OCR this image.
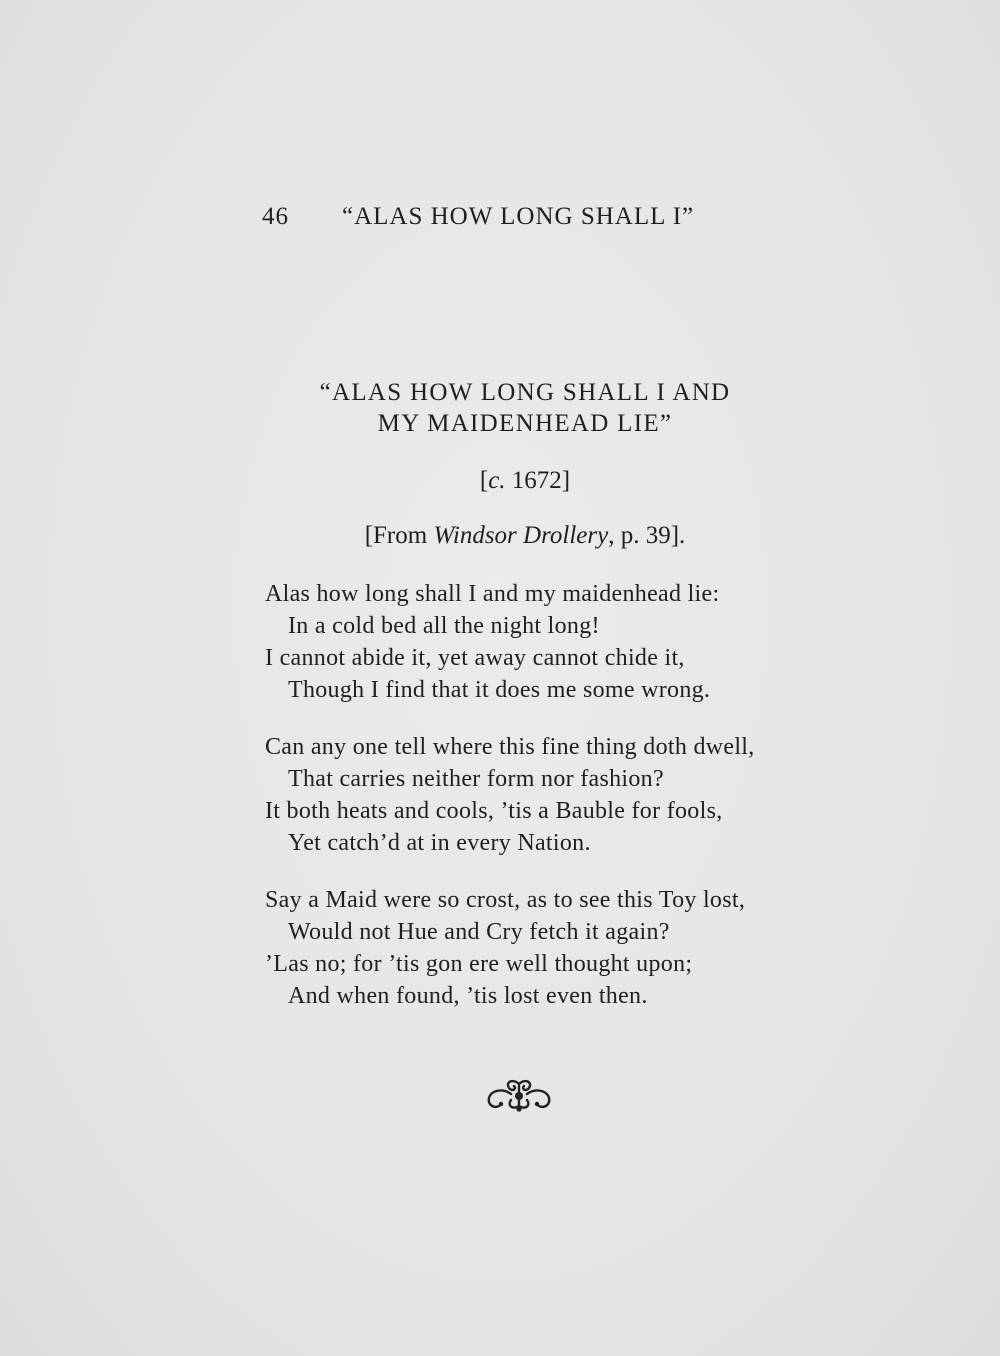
46 “ALAS HOW LONG SHALL I”
“ALAS HOW LONG SHALL I AND
MY MAIDENHEAD LIE”
[c. 1672]
[From Windsor Drollery, p. 39].
Alas how long shall I and my maidenhead lie:
In a cold bed all the night long!
I cannot abide it, yet away cannot chide it,
Though I find that it does me some wrong.
Can any one tell where this fine thing doth dwell,
That carries neither form nor fashion?
It both heats and cools, ’tis a Bauble for fools,
Yet catch’d at in every Nation.
Say a Maid were so crost, as to see this Toy lost,
Would not Hue and Cry fetch it again?
’Las no; for ’tis gon ere well thought upon;
And when found, ’tis lost even then.
